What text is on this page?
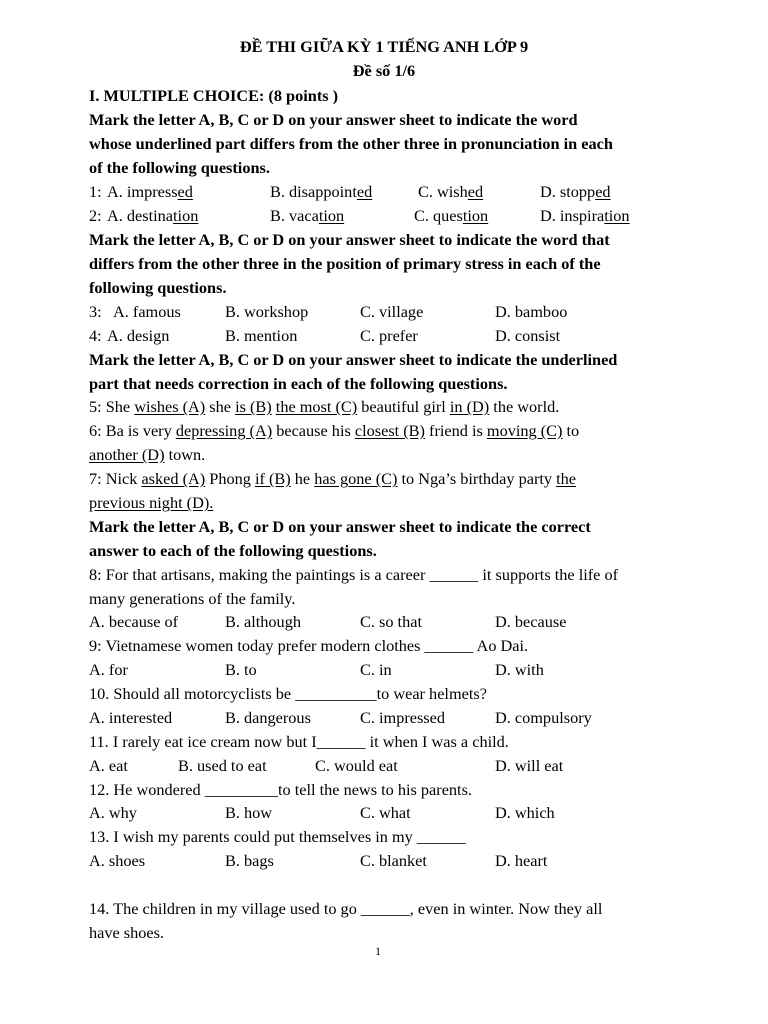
ĐỀ THI GIỮA KỲ 1 TIẾNG ANH LỚP 9
Đề số 1/6
I. MULTIPLE CHOICE: (8 points )
Mark the letter A, B, C or D on your answer sheet to indicate the word
whose underlined part differs from the other three in pronunciation in each
of the following questions.
1: A. impressed	B. disappointed	C. wished	D. stopped
2: A. destination	B. vacation	C. question	D. inspiration
Mark the letter A, B, C or D on your answer sheet to indicate the word that
differs from the other three in the position of primary stress in each of the
following questions.
3: A. famous	B. workshop	C. village	D. bamboo
4: A. design	B. mention	C. prefer	D. consist
Mark the letter A, B, C or D on your answer sheet to indicate the underlined
part that needs correction in each of the following questions.
5: She wishes (A) she is (B) the most (C) beautiful girl in (D) the world.
6: Ba is very depressing (A) because his closest (B) friend is moving (C) to
another (D) town.
7: Nick asked (A) Phong if (B) he has gone (C) to Nga’s birthday party the
previous night (D).
Mark the letter A, B, C or D on your answer sheet to indicate the correct
answer to each of the following questions.
8: For that artisans, making the paintings is a career ______ it supports the life of
many generations of the family.
A. because of	B. although	C. so that	D. because
9: Vietnamese women today prefer modern clothes ______ Ao Dai.
A. for	B. to	C. in	D. with
10. Should all motorcyclists be __________to wear helmets?
A. interested	B. dangerous	C. impressed	D. compulsory
11. I rarely eat ice cream now but I______ it when I was a child.
A. eat	B. used to eat	C. would eat	D. will eat
12. He wondered _________to tell the news to his parents.
A. why	B. how	C. what	D. which
13. I wish my parents could put themselves in my ______
A. shoes	B. bags	C. blanket	D. heart
14. The children in my village used to go ______, even in winter. Now they all
have shoes.
1
